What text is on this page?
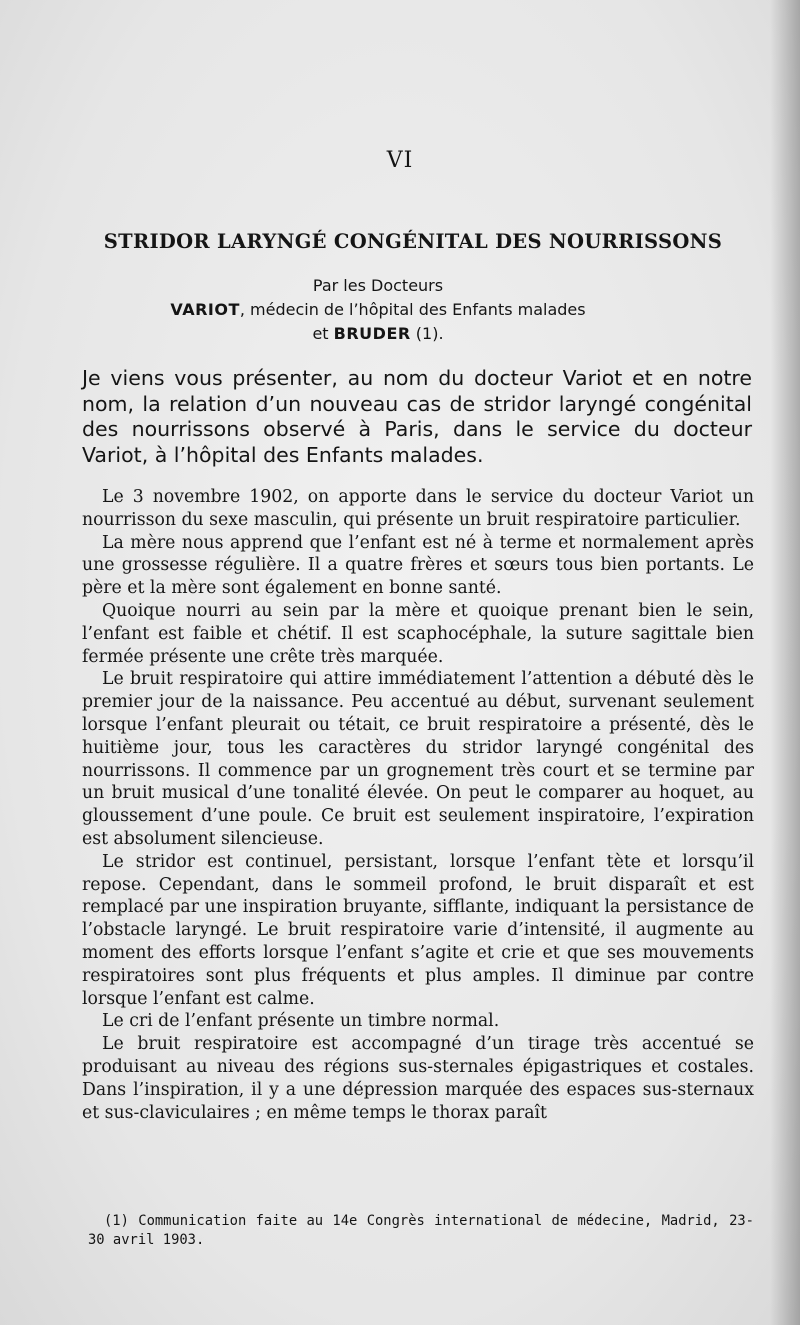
VI
STRIDOR LARYNGÉ CONGÉNITAL DES NOURRISSONS
Par les Docteurs
VARIOT, médecin de l’hôpital des Enfants malades
et BRUDER (1).

Je viens vous présenter, au nom du docteur Variot et en notre nom, la relation d’un nouveau cas de stridor laryngé congénital des nourrissons observé à Paris, dans le service du docteur Variot, à l’hôpital des Enfants malades.

Le 3 novembre 1902, on apporte dans le service du docteur Variot un nourrisson du sexe masculin, qui présente un bruit respiratoire particulier.

La mère nous apprend que l’enfant est né à terme et normalement après une grossesse régulière. Il a quatre frères et sœurs tous bien portants. Le père et la mère sont également en bonne santé.

Quoique nourri au sein par la mère et quoique prenant bien le sein, l’enfant est faible et chétif. Il est scaphocéphale, la suture sagittale bien fermée présente une crête très marquée.

Le bruit respiratoire qui attire immédiatement l’attention a débuté dès le premier jour de la naissance. Peu accentué au début, survenant seulement lorsque l’enfant pleurait ou tétait, ce bruit respiratoire a présenté, dès le huitième jour, tous les caractères du stridor laryngé congénital des nourrissons. Il commence par un grognement très court et se termine par un bruit musical d’une tonalité élevée. On peut le comparer au hoquet, au gloussement d’une poule. Ce bruit est seulement inspiratoire, l’expiration est absolument silencieuse.

Le stridor est continuel, persistant, lorsque l’enfant tète et lorsqu’il repose. Cependant, dans le sommeil profond, le bruit disparaît et est remplacé par une inspiration bruyante, sifflante, indiquant la persistance de l’obstacle laryngé. Le bruit respiratoire varie d’intensité, il augmente au moment des efforts lorsque l’enfant s’agite et crie et que ses mouvements respiratoires sont plus fréquents et plus amples. Il diminue par contre lorsque l’enfant est calme.

Le cri de l’enfant présente un timbre normal.

Le bruit respiratoire est accompagné d’un tirage très accentué se produisant au niveau des régions sus-sternales épigastriques et costales. Dans l’inspiration, il y a une dépression marquée des espaces sus-sternaux et sus-claviculaires ; en même temps le thorax paraît

(1) Communication faite au 14e Congrès international de médecine, Madrid, 23-30 avril 1903.
